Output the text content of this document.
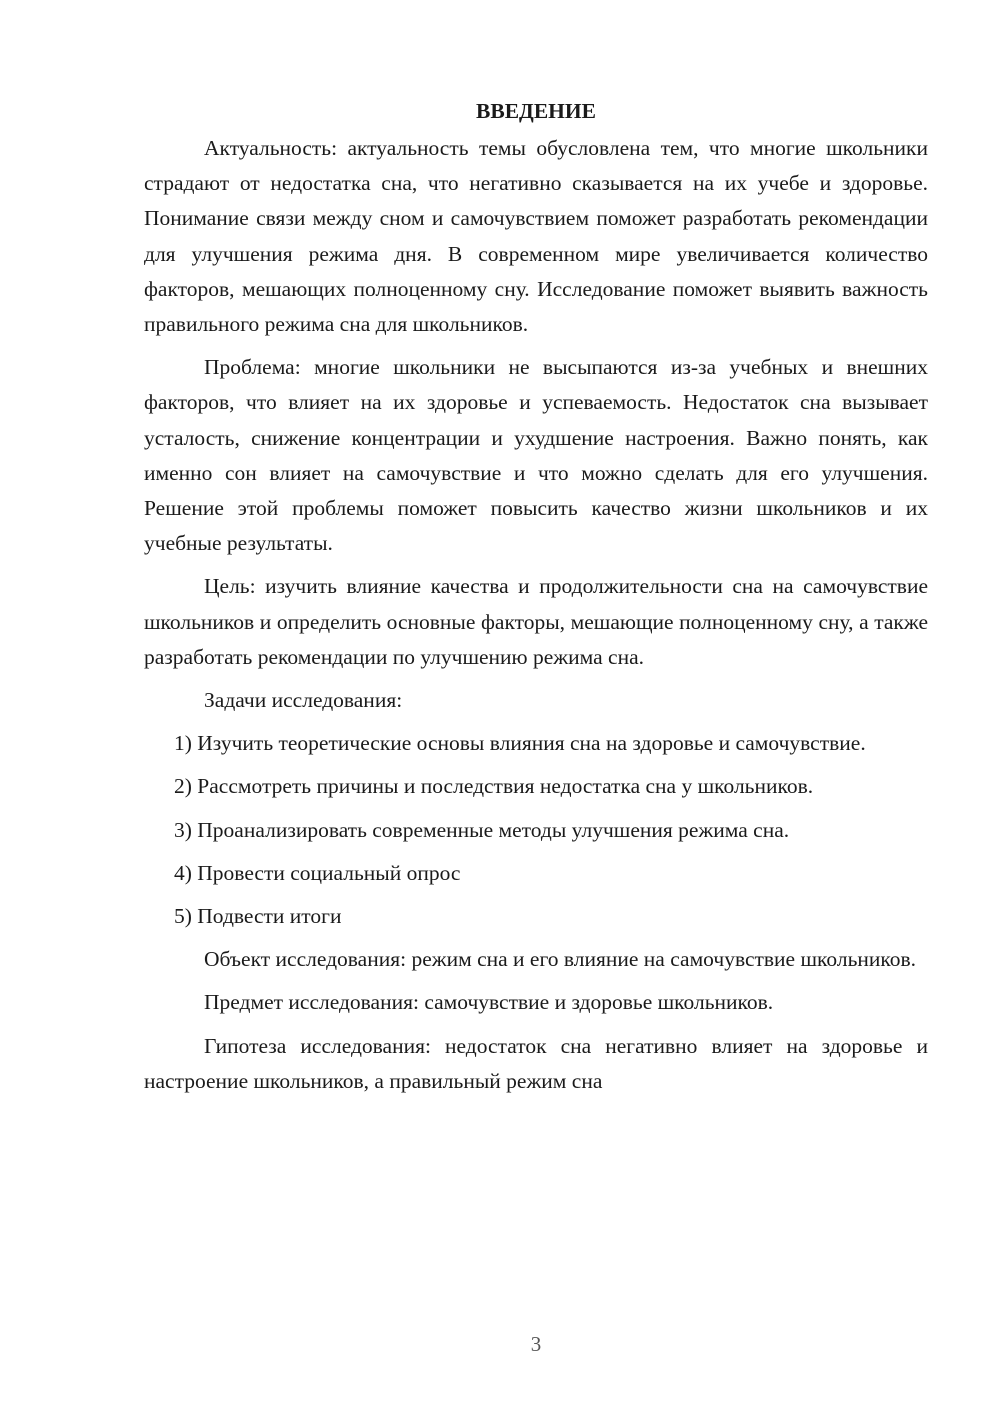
ВВЕДЕНИЕ

Актуальность: актуальность темы обусловлена тем, что многие школьники страдают от недостатка сна, что негативно сказывается на их учебе и здоровье. Понимание связи между сном и самочувствием поможет разработать рекомендации для улучшения режима дня. В современном мире увеличивается количество факторов, мешающих полноценному сну. Исследование поможет выявить важность правильного режима сна для школьников.

Проблема: многие школьники не высыпаются из-за учебных и внешних факторов, что влияет на их здоровье и успеваемость. Недостаток сна вызывает усталость, снижение концентрации и ухудшение настроения. Важно понять, как именно сон влияет на самочувствие и что можно сделать для его улучшения. Решение этой проблемы поможет повысить качество жизни школьников и их учебные результаты.

Цель: изучить влияние качества и продолжительности сна на самочувствие школьников и определить основные факторы, мешающие полноценному сну, а также разработать рекомендации по улучшению режима сна.

Задачи исследования:

1) Изучить теоретические основы влияния сна на здоровье и самочувствие.

2) Рассмотреть причины и последствия недостатка сна у школьников.

3) Проанализировать современные методы улучшения режима сна.

4) Провести социальный опрос

5) Подвести итоги

Объект исследования: режим сна и его влияние на самочувствие школьников.

Предмет исследования: самочувствие и здоровье школьников.

Гипотеза исследования: недостаток сна негативно влияет на здоровье и настроение школьников, а правильный режим сна

3
